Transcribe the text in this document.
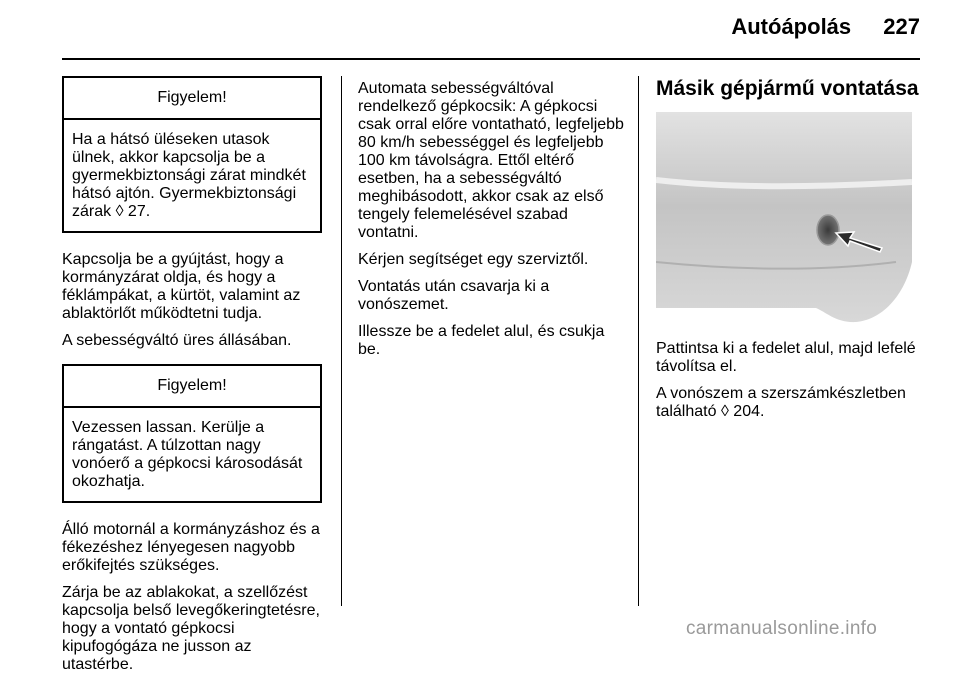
Autóápolás 227
Figyelem!
Ha a hátsó üléseken utasok ülnek, akkor kapcsolja be a gyermekbiztonsági zárat mindkét hátsó ajtón. Gyermekbiztonsági zárak ◊ 27.

Kapcsolja be a gyújtást, hogy a kormányzárat oldja, és hogy a féklámpákat, a kürtöt, valamint az ablaktörlőt működtetni tudja.

A sebességváltó üres állásában.

Figyelem!
Vezessen lassan. Kerülje a rángatást. A túlzottan nagy vonóerő a gépkocsi károsodását okozhatja.

Álló motornál a kormányzáshoz és a fékezéshez lényegesen nagyobb erőkifejtés szükséges.

Zárja be az ablakokat, a szellőzést kapcsolja belső levegőkeringtetésre, hogy a vontató gépkocsi kipufogógáza ne jusson az utastérbe.

Automata sebességváltóval rendelkező gépkocsik: A gépkocsi csak orral előre vontatható, legfeljebb 80 km/h sebességgel és legfeljebb 100 km távolságra. Ettől eltérő esetben, ha a sebességváltó meghibásodott, akkor csak az első tengely felemelésével szabad vontatni.

Kérjen segítséget egy szerviztől.

Vontatás után csavarja ki a vonószemet.

Illessze be a fedelet alul, és csukja be.

Másik gépjármű vontatása

Pattintsa ki a fedelet alul, majd lefelé távolítsa el.

A vonószem a szerszámkészletben található ◊ 204.

carmanualsonline.info
